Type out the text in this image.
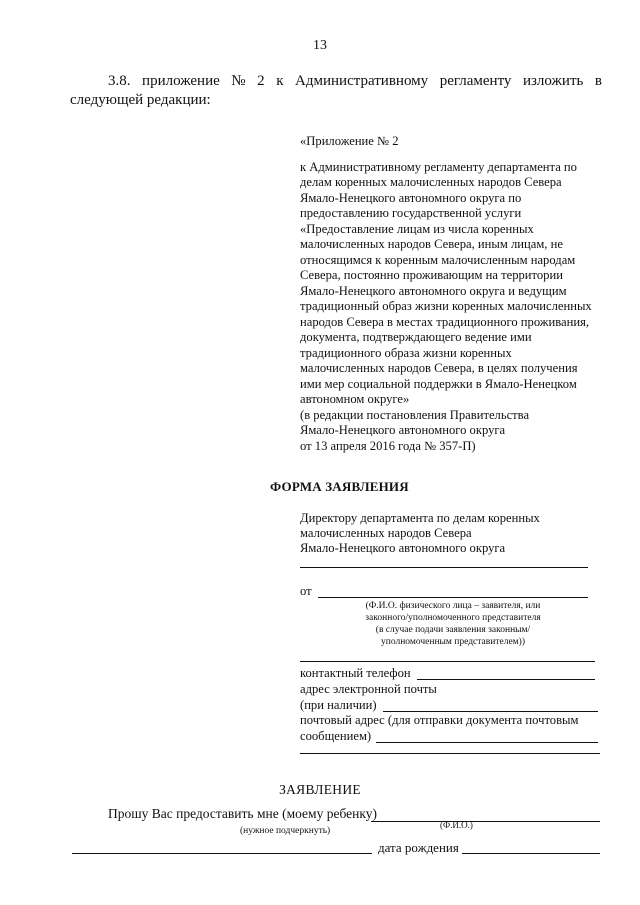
13
3.8. приложение № 2 к Административному регламенту изложить в
следующей редакции:

«Приложение № 2

к Административному регламенту департамента по

делам коренных малочисленных народов Севера

Ямало-Ненецкого автономного округа по

предоставлению государственной услуги

«Предоставление лицам из числа коренных

малочисленных народов Севера, иным лицам, не

относящимся к коренным малочисленным народам

Севера, постоянно проживающим на территории

Ямало-Ненецкого автономного округа и ведущим

традиционный образ жизни коренных малочисленных

народов Севера в местах традиционного проживания,

документа, подтверждающего ведение ими

традиционного образа жизни коренных

малочисленных народов Севера, в целях получения

ими мер социальной поддержки в Ямало-Ненецком

автономном округе»

(в редакции постановления Правительства

Ямало-Ненецкого автономного округа

от 13 апреля 2016 года № 357-П)

ФОРМА ЗАЯВЛЕНИЯ
Директору департамента по делам коренных
малочисленных народов Севера
Ямало-Ненецкого автономного округа
от
(Ф.И.О. физического лица – заявителя, или
законного/уполномоченного представителя
(в случае подачи заявления законным/
уполномоченным представителем))
контактный телефон
адрес электронной почты
(при наличии)
почтовый адрес (для отправки документа почтовым
сообщением)
ЗАЯВЛЕНИЕ
Прошу Вас предоставить мне (моему ребенку)
(Ф.И.О.)
(нужное подчеркнуть)
дата рождения
